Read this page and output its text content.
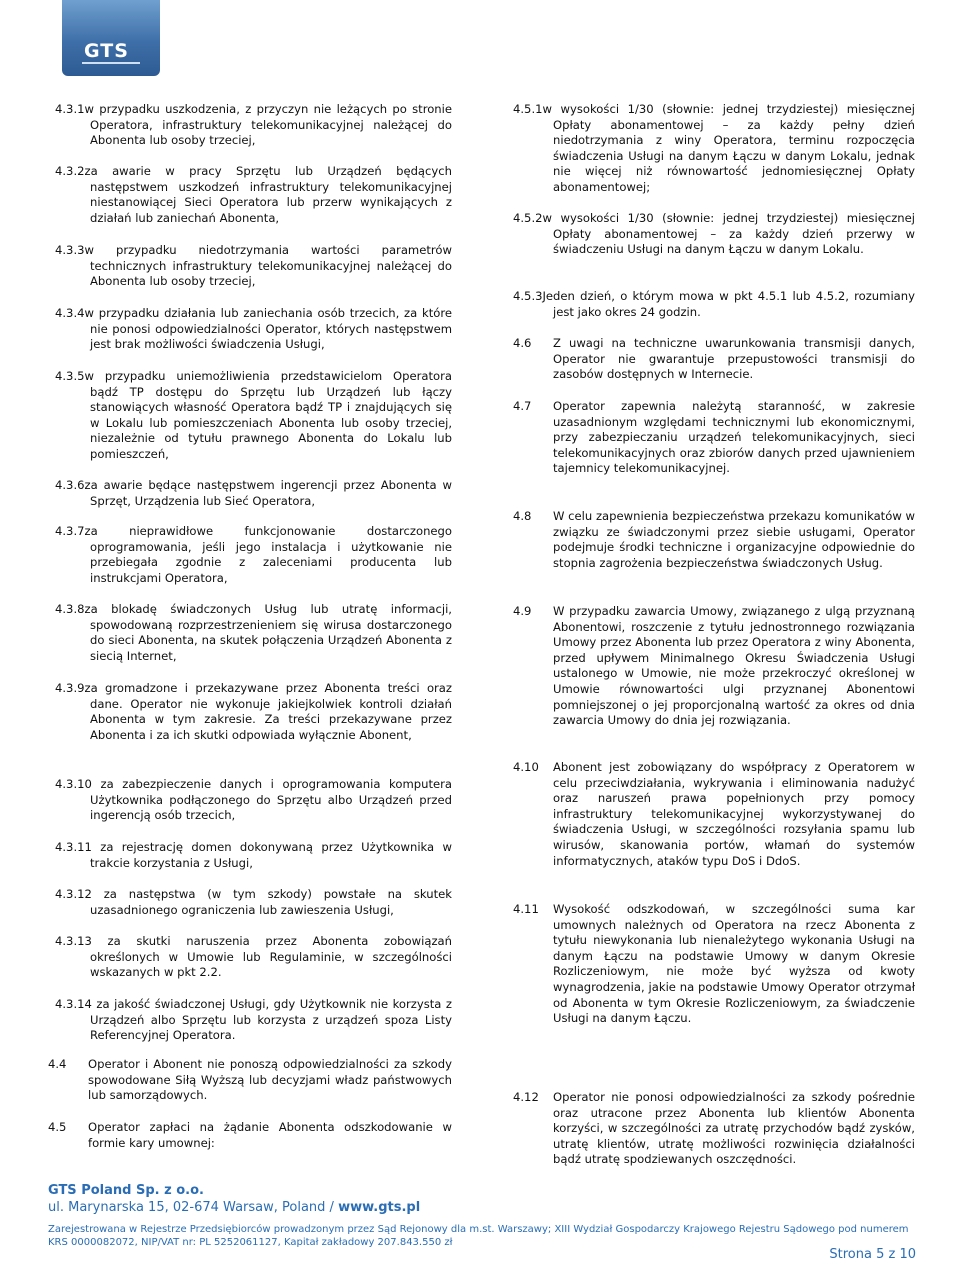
GTS

4.3.1w przypadku uszkodzenia, z przyczyn nie leżących po stronie Operatora, infrastruktury telekomunikacyjnej należącej do Abonenta lub osoby trzeciej,

4.3.2za awarie w pracy Sprzętu lub Urządzeń będących następstwem uszkodzeń infrastruktury telekomunikacyjnej niestanowiącej Sieci Operatora lub przerw wynikających z działań lub zaniechań Abonenta,

4.3.3w przypadku niedotrzymania wartości parametrów technicznych infrastruktury telekomunikacyjnej należącej do Abonenta lub osoby trzeciej,

4.3.4w przypadku działania lub zaniechania osób trzecich, za które nie ponosi odpowiedzialności Operator, których następstwem jest brak możliwości świadczenia Usługi,

4.3.5w przypadku uniemożliwienia przedstawicielom Operatora bądź TP dostępu do Sprzętu lub Urządzeń lub łączy stanowiących własność Operatora bądź TP i znajdujących się w Lokalu lub pomieszczeniach Abonenta lub osoby trzeciej, niezależnie od tytułu prawnego Abonenta do Lokalu lub pomieszczeń,

4.3.6za awarie będące następstwem ingerencji przez Abonenta w Sprzęt, Urządzenia lub Sieć Operatora,

4.3.7za nieprawidłowe funkcjonowanie dostarczonego oprogramowania, jeśli jego instalacja i użytkowanie nie przebiegała zgodnie z zaleceniami producenta lub instrukcjami Operatora,

4.3.8za blokadę świadczonych Usług lub utratę informacji, spowodowaną rozprzestrzenieniem się wirusa dostarczonego do sieci Abonenta, na skutek połączenia Urządzeń Abonenta z siecią Internet,

4.3.9za gromadzone i przekazywane przez Abonenta treści oraz dane. Operator nie wykonuje jakiejkolwiek kontroli działań Abonenta w tym zakresie. Za treści przekazywane przez Abonenta i za ich skutki odpowiada wyłącznie Abonent,

4.3.10 za zabezpieczenie danych i oprogramowania komputera Użytkownika podłączonego do Sprzętu albo Urządzeń przed ingerencją osób trzecich,

4.3.11 za rejestrację domen dokonywaną przez Użytkownika w trakcie korzystania z Usługi,

4.3.12 za następstwa (w tym szkody) powstałe na skutek uzasadnionego ograniczenia lub zawieszenia Usługi,

4.3.13 za skutki naruszenia przez Abonenta zobowiązań określonych w Umowie lub Regulaminie, w szczególności wskazanych w pkt 2.2.

4.3.14 za jakość świadczonej Usługi, gdy Użytkownik nie korzysta z Urządzeń albo Sprzętu lub korzysta z urządzeń spoza Listy Referencyjnej Operatora.

4.4 Operator i Abonent nie ponoszą odpowiedzialności za szkody spowodowane Siłą Wyższą lub decyzjami władz państwowych lub samorządowych.

4.5 Operator zapłaci na żądanie Abonenta odszkodowanie w formie kary umownej:

4.5.1w wysokości 1/30 (słownie: jednej trzydziestej) miesięcznej Opłaty abonamentowej – za każdy pełny dzień niedotrzymania z winy Operatora, terminu rozpoczęcia świadczenia Usługi na danym Łączu w danym Lokalu, jednak nie więcej niż równowartość jednomiesięcznej Opłaty abonamentowej;

4.5.2w wysokości 1/30 (słownie: jednej trzydziestej) miesięcznej Opłaty abonamentowej – za każdy dzień przerwy w świadczeniu Usługi na danym Łączu w danym Lokalu.

4.5.3Jeden dzień, o którym mowa w pkt 4.5.1 lub 4.5.2, rozumiany jest jako okres 24 godzin.

4.6 Z uwagi na techniczne uwarunkowania transmisji danych, Operator nie gwarantuje przepustowości transmisji do zasobów dostępnych w Internecie.

4.7 Operator zapewnia należytą staranność, w zakresie uzasadnionym względami technicznymi lub ekonomicznymi, przy zabezpieczaniu urządzeń telekomunikacyjnych, sieci telekomunikacyjnych oraz zbiorów danych przed ujawnieniem tajemnicy telekomunikacyjnej.

4.8 W celu zapewnienia bezpieczeństwa przekazu komunikatów w związku ze świadczonymi przez siebie usługami, Operator podejmuje środki techniczne i organizacyjne odpowiednie do stopnia zagrożenia bezpieczeństwa świadczonych Usług.

4.9 W przypadku zawarcia Umowy, związanego z ulgą przyznaną Abonentowi, roszczenie z tytułu jednostronnego rozwiązania Umowy przez Abonenta lub przez Operatora z winy Abonenta, przed upływem Minimalnego Okresu Świadczenia Usługi ustalonego w Umowie, nie może przekroczyć określonej w Umowie równowartości ulgi przyznanej Abonentowi pomniejszonej o jej proporcjonalną wartość za okres od dnia zawarcia Umowy do dnia jej rozwiązania.

4.10 Abonent jest zobowiązany do współpracy z Operatorem w celu przeciwdziałania, wykrywania i eliminowania nadużyć oraz naruszeń prawa popełnionych przy pomocy infrastruktury telekomunikacyjnej wykorzystywanej do świadczenia Usługi, w szczególności rozsyłania spamu lub wirusów, skanowania portów, włamań do systemów informatycznych, ataków typu DoS i DdoS.

4.11 Wysokość odszkodowań, w szczególności suma kar umownych należnych od Operatora na rzecz Abonenta z tytułu niewykonania lub nienależytego wykonania Usługi na danym Łączu na podstawie Umowy w danym Okresie Rozliczeniowym, nie może być wyższa od kwoty wynagrodzenia, jakie na podstawie Umowy Operator otrzymał od Abonenta w tym Okresie Rozliczeniowym, za świadczenie Usługi na danym Łączu.

4.12 Operator nie ponosi odpowiedzialności za szkody pośrednie oraz utracone przez Abonenta lub klientów Abonenta korzyści, w szczególności za utratę przychodów bądź zysków, utratę klientów, utratę możliwości rozwinięcia działalności bądź utratę spodziewanych oszczędności.

GTS Poland Sp. z o.o.
ul. Marynarska 15, 02-674 Warsaw, Poland / www.gts.pl
Zarejestrowana w Rejestrze Przedsiębiorców prowadzonym przez Sąd Rejonowy dla m.st. Warszawy; XIII Wydział Gospodarczy Krajowego Rejestru Sądowego pod numerem KRS 0000082072, NIP/VAT nr: PL 5252061127, Kapitał zakładowy 207.843.550 zł
Strona 5 z 10
